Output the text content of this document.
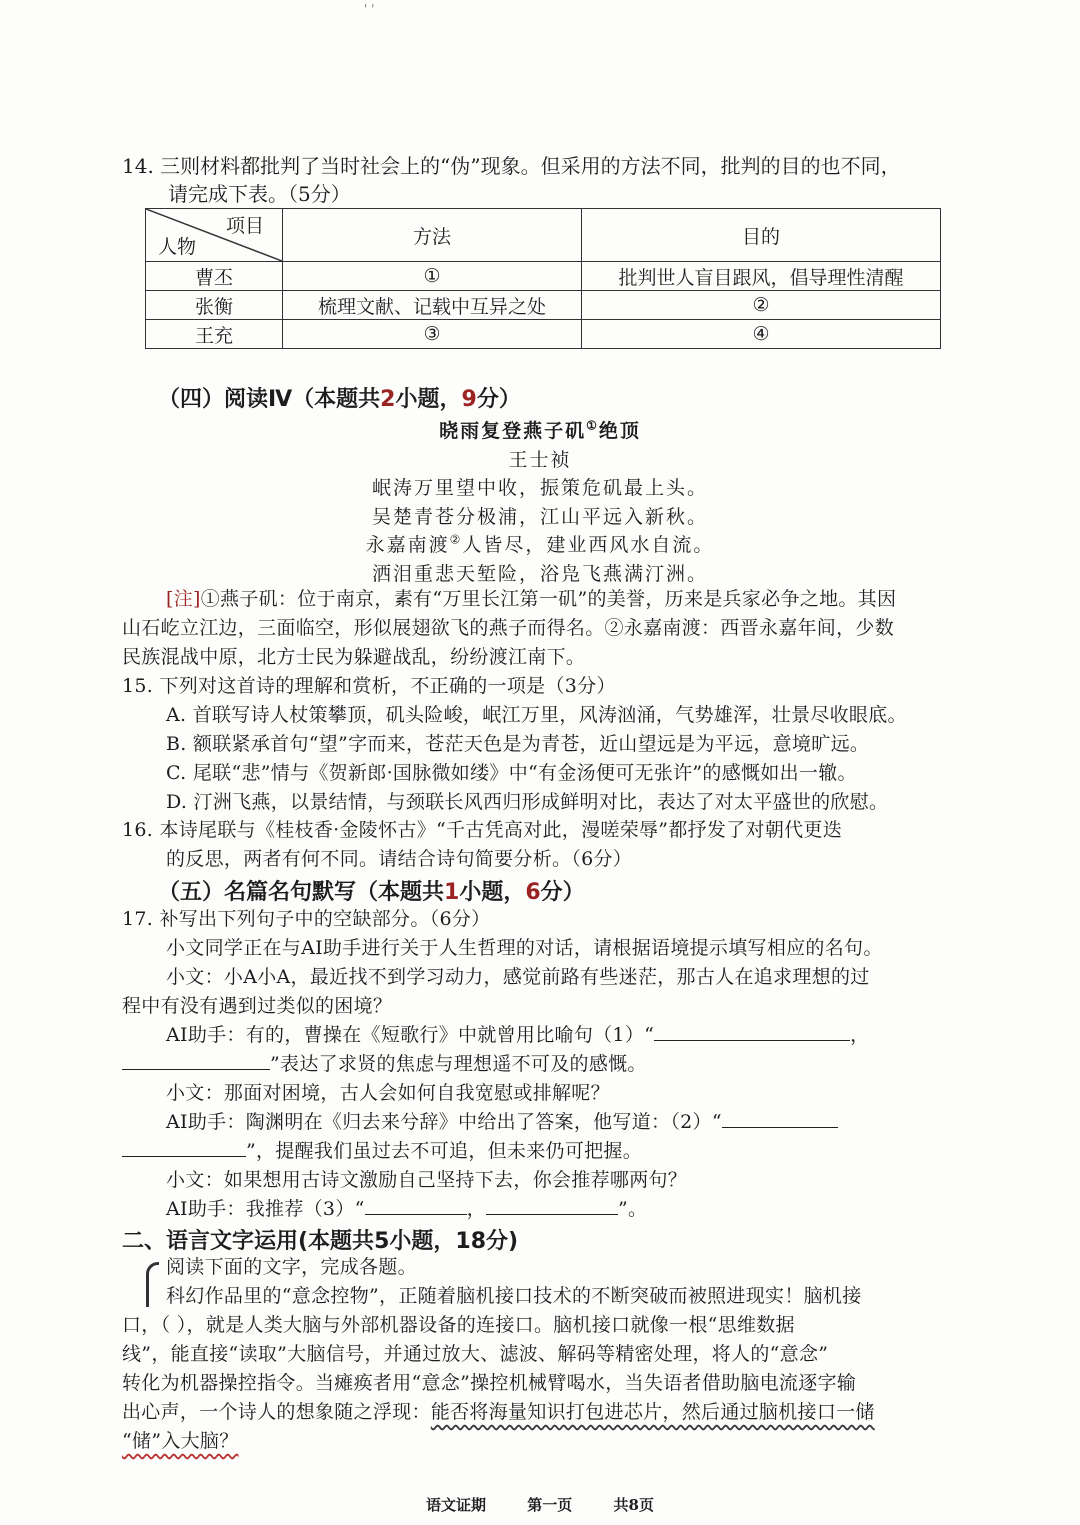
' '
14. 三则材料都批判了当时社会上的“伪”现象。但采用的方法不同，批判的目的也不同，
请完成下表。（5分）
项目
人物	方法	目的
曹丕	①	批判世人盲目跟风，倡导理性清醒
张衡	梳理文献、记载中互异之处	②
王充	③	④
（四）阅读Ⅳ（本题共2小题，9分）
晓雨复登燕子矶①绝顶
王士祯
岷涛万里望中收，振策危矶最上头。
吴楚青苍分极浦，江山平远入新秋。
永嘉南渡②人皆尽，建业西风水自流。
洒泪重悲天堑险，浴凫飞燕满汀洲。
[注]①燕子矶：位于南京，素有“万里长江第一矶”的美誉，历来是兵家必争之地。其因
山石屹立江边，三面临空，形似展翅欲飞的燕子而得名。②永嘉南渡：西晋永嘉年间，少数
民族混战中原，北方士民为躲避战乱，纷纷渡江南下。
15. 下列对这首诗的理解和赏析，不正确的一项是（3分）
A. 首联写诗人杖策攀顶，矶头险峻，岷江万里，风涛汹涌，气势雄浑，壮景尽收眼底。
B. 额联紧承首句“望”字而来，苍茫天色是为青苍，近山望远是为平远，意境旷远。
C. 尾联“悲”情与《贺新郎·国脉微如缕》中“有金汤便可无张许”的感慨如出一辙。
D. 汀洲飞燕，以景结情，与颈联长风西归形成鲜明对比，表达了对太平盛世的欣慰。
16. 本诗尾联与《桂枝香·金陵怀古》“千古凭高对此，漫嗟荣辱”都抒发了对朝代更迭
的反思，两者有何不同。请结合诗句简要分析。（6分）
（五）名篇名句默写（本题共1小题，6分）
17. 补写出下列句子中的空缺部分。（6分）
小文同学正在与AI助手进行关于人生哲理的对话，请根据语境提示填写相应的名句。
小文：小A小A，最近找不到学习动力，感觉前路有些迷茫，那古人在追求理想的过
程中有没有遇到过类似的困境？
AI助手：有的，曹操在《短歌行》中就曾用比喻句（1）“	，
”表达了求贤的焦虑与理想遥不可及的感慨。
小文：那面对困境，古人会如何自我宽慰或排解呢？
AI助手：陶渊明在《归去来兮辞》中给出了答案，他写道：（2）“
”，提醒我们虽过去不可追，但未来仍可把握。
小文：如果想用古诗文激励自己坚持下去，你会推荐哪两句？
AI助手：我推荐（3）“	，	”。
二、语言文字运用(本题共5小题，18分)
阅读下面的文字，完成各题。
科幻作品里的“意念控物”，正随着脑机接口技术的不断突破而被照进现实！脑机接
口，（ ），就是人类大脑与外部机器设备的连接口。脑机接口就像一根“思维数据
线”，能直接“读取”大脑信号，并通过放大、滤波、解码等精密处理，将人的“意念”
转化为机器操控指令。当瘫痪者用“意念”操控机械臂喝水，当失语者借助脑电流逐字输
出心声，一个诗人的想象随之浮现：能否将海量知识打包进芯片，然后通过脑机接口一储
“储”入大脑？
语文证期	第一页	共8页
